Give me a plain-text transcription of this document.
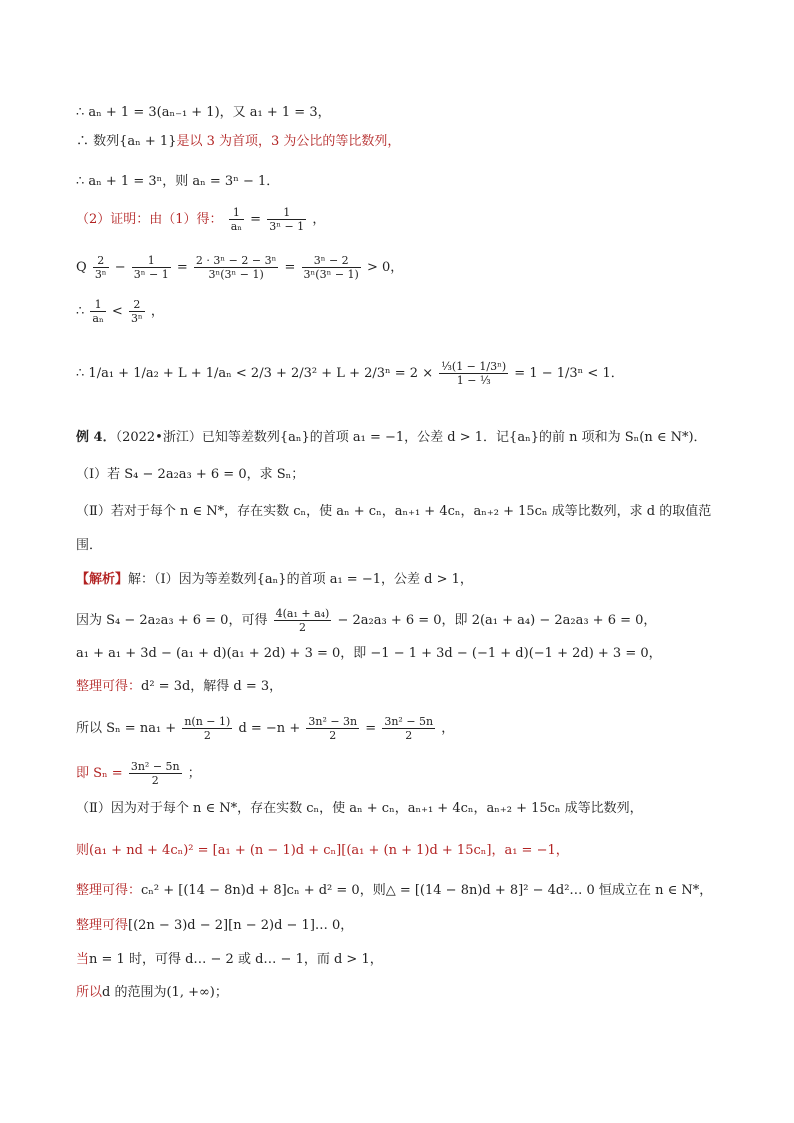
∴ aₙ + 1 = 3(aₙ₋₁ + 1)，又 a₁ + 1 = 3，
∴ 数列{aₙ + 1}是以 3 为首项，3 为公比的等比数列，
∴ aₙ + 1 = 3ⁿ，则 aₙ = 3ⁿ − 1．
（2）证明：由（1）得： $\frac{1}{\text{aₙ}} = \frac{1}{\text{3ⁿ − 1}}$ ，
Q $\frac{2}{\text{3ⁿ}} - \frac{1}{\text{3ⁿ − 1}} = \frac{\text{2 · 3ⁿ − 2 − 3ⁿ}}{\text{3ⁿ(3ⁿ − 1)}} = \frac{\text{3ⁿ − 2}}{\text{3ⁿ(3ⁿ − 1)}} > 0$，
∴ $\frac{1}{\text{aₙ}} < \frac{2}{\text{3ⁿ}}$ ，
∴ $1/a_1 + 1/a_2 + L + 1/a_n < 2/3 + 2/3^2 + L + 2/3^n = 2 \times \frac{\text{⅓(1 − 1/3ⁿ)}}{\text{1 − ⅓}} = 1 - 1/3^n < 1$．
例 4．（2022•浙江）已知等差数列{aₙ}的首项 a₁ = −1，公差 d > 1．记{aₙ}的前 n 项和为 Sₙ(n ∈ N*)．
（Ⅰ）若 S₄ − 2a₂a₃ + 6 = 0，求 Sₙ；
（Ⅱ）若对于每个 n ∈ N*，存在实数 cₙ，使 aₙ + cₙ，aₙ₊₁ + 4cₙ，aₙ₊₂ + 15cₙ 成等比数列，求 d 的取值范
围．
【解析】解：（Ⅰ）因为等差数列{aₙ}的首项 a₁ = −1，公差 d > 1，
因为 S₄ − 2a₂a₃ + 6 = 0，可得 $\frac{\text{4(a₁ + a₄)}}{2} - 2a_2a_3 + 6 = 0$，即 2(a₁ + a₄) − 2a₂a₃ + 6 = 0，
a₁ + a₁ + 3d − (a₁ + d)(a₁ + 2d) + 3 = 0，即 −1 − 1 + 3d − (−1 + d)(−1 + 2d) + 3 = 0，
整理可得：d² = 3d，解得 d = 3，
所以 $S_n = na_1 + \frac{n(n - 1)}{2}$ $d = -n + \frac{\text{3n² − 3n}}{2} = \frac{\text{3n² − 5n}}{2}$ ，
即 $S_n = \frac{\text{3n² − 5n}}{2}$ ；
（Ⅱ）因为对于每个 n ∈ N*，存在实数 cₙ，使 aₙ + cₙ，aₙ₊₁ + 4cₙ，aₙ₊₂ + 15cₙ 成等比数列，
则(a₁ + nd + 4cₙ)² = [a₁ + (n − 1)d + cₙ][(a₁ + (n + 1)d + 15cₙ]，a₁ = −1，
整理可得：cₙ² + [(14 − 8n)d + 8]cₙ + d² = 0，则△ = [(14 − 8n)d + 8]² − 4d²… 0 恒成立在 n ∈ N*，
整理可得[(2n − 3)d − 2][n − 2)d − 1]… 0，
当n = 1 时，可得 d… − 2 或 d… − 1，而 d > 1，
所以d 的范围为(1, +∞)；
